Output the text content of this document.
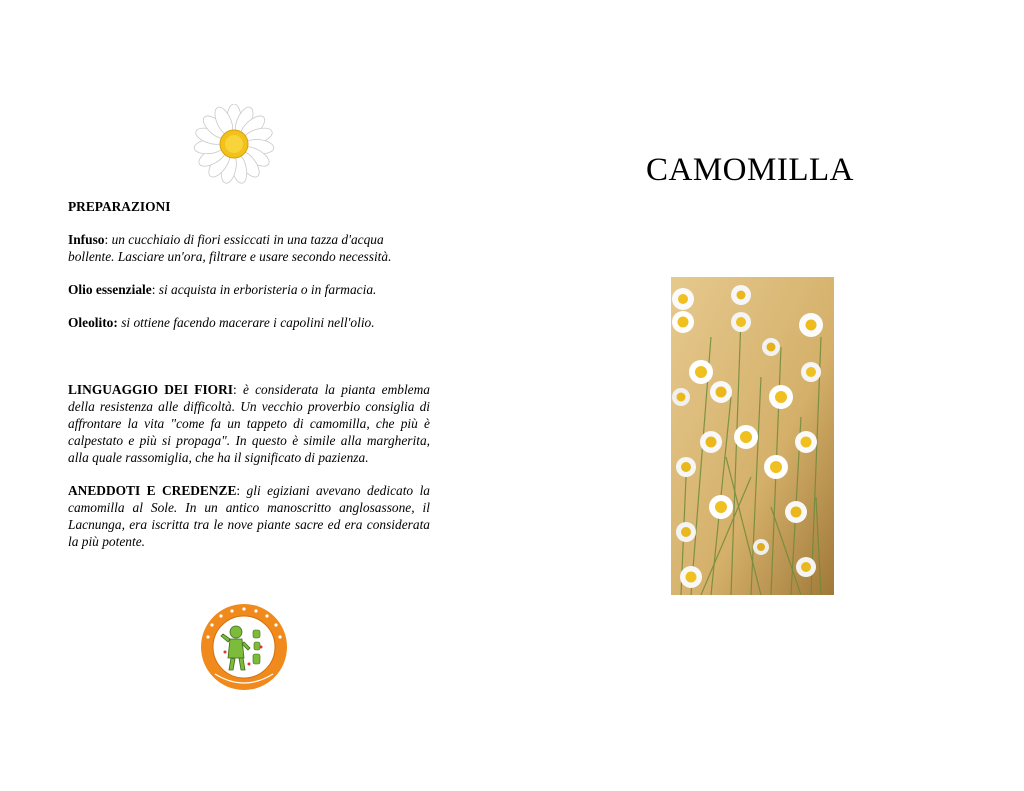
PREPARAZIONI

Infuso: un cucchiaio di fiori essiccati in una tazza d'acqua bollente. Lasciare un'ora, filtrare e usare secondo necessità.

Olio essenziale: si acquista in erboristeria o in farmacia.

Oleolito: si ottiene facendo macerare i capolini nell'olio.

LINGUAGGIO DEI FIORI: è considerata la pianta emblema della resistenza alle difficoltà. Un vecchio proverbio consiglia di affrontare la vita "come fa un tappeto di camomilla, che più è calpestato e più si propaga". In questo è simile alla margherita, alla quale rassomiglia, che ha il significato di pazienza.

ANEDDOTI E CREDENZE: gli egiziani avevano dedicato la camomilla al Sole. In un antico manoscritto anglosassone, il Lacnunga, era iscritta tra le nove piante sacre ed era considerata la più potente.

CAMOMILLA
